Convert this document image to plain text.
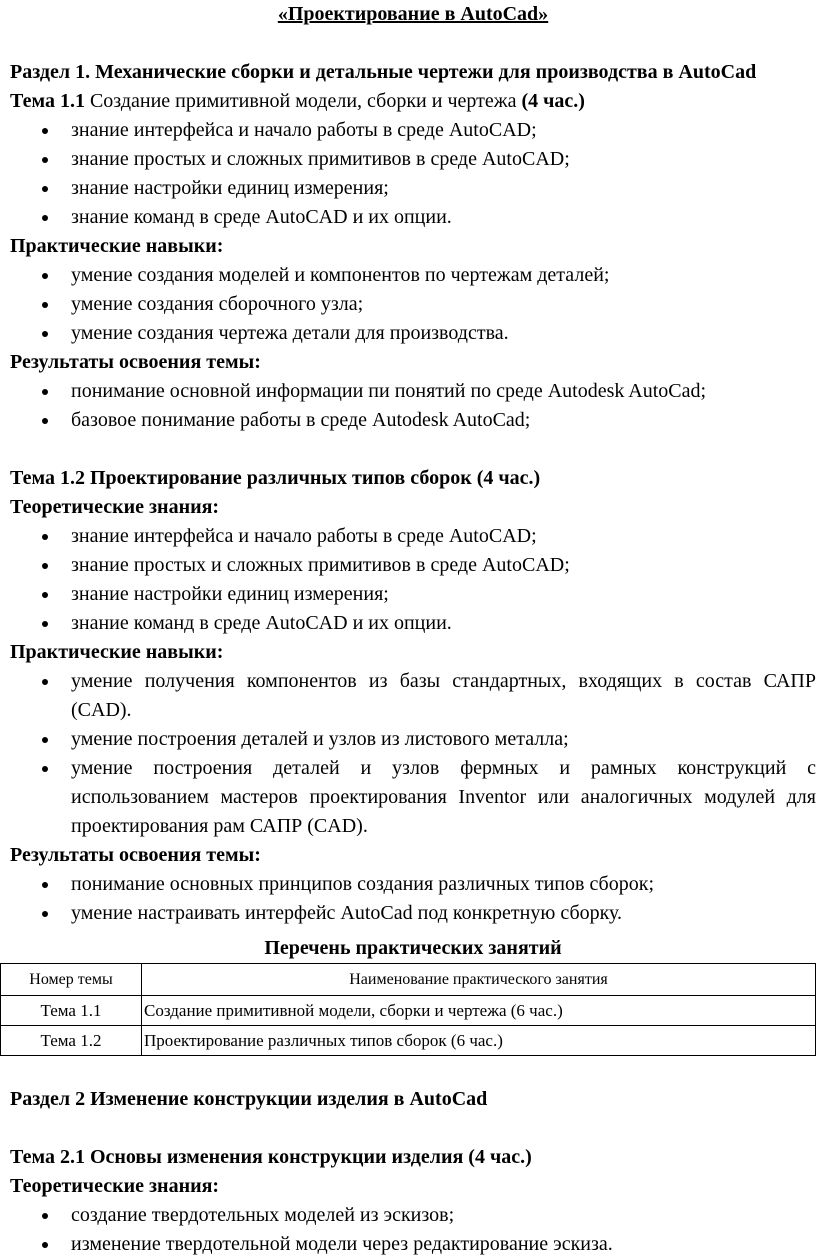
«Проектирование в AutoCad»
Раздел 1. Механические сборки и детальные чертежи для производства в AutoCad
Тема 1.1 Создание примитивной модели, сборки и чертежа (4 час.)
знание интерфейса и начало работы в среде AutoCAD;
знание простых и сложных примитивов в среде AutoCAD;
знание настройки единиц измерения;
знание команд в среде AutoCAD и их опции.
Практические навыки:
умение создания моделей и компонентов по чертежам деталей;
умение создания сборочного узла;
умение создания чертежа детали для производства.
Результаты освоения темы:
понимание основной информации пи понятий по среде Autodesk AutoCad;
базовое понимание работы в среде Autodesk AutoCad;
Тема 1.2 Проектирование различных типов сборок (4 час.)
Теоретические знания:
знание интерфейса и начало работы в среде AutoCAD;
знание простых и сложных примитивов в среде AutoCAD;
знание настройки единиц измерения;
знание команд в среде AutoCAD и их опции.
Практические навыки:
умение получения компонентов из базы стандартных, входящих в состав САПР (CAD).
умение построения деталей и узлов из листового металла;
умение построения деталей и узлов фермных и рамных конструкций с использованием мастеров проектирования Inventor или аналогичных модулей для проектирования рам САПР (CAD).
Результаты освоения темы:
понимание основных принципов создания различных типов сборок;
умение настраивать интерфейс AutoCad под конкретную сборку.
Перечень практических занятий
Номер темы	Наименование практического занятия
Тема 1.1	Создание примитивной модели, сборки и чертежа (6 час.)
Тема 1.2	Проектирование различных типов сборок (6 час.)
Раздел 2 Изменение конструкции изделия в AutoCad
Тема 2.1 Основы изменения конструкции изделия (4 час.)
Теоретические знания:
создание твердотельных моделей из эскизов;
изменение твердотельной модели через редактирование эскиза.
